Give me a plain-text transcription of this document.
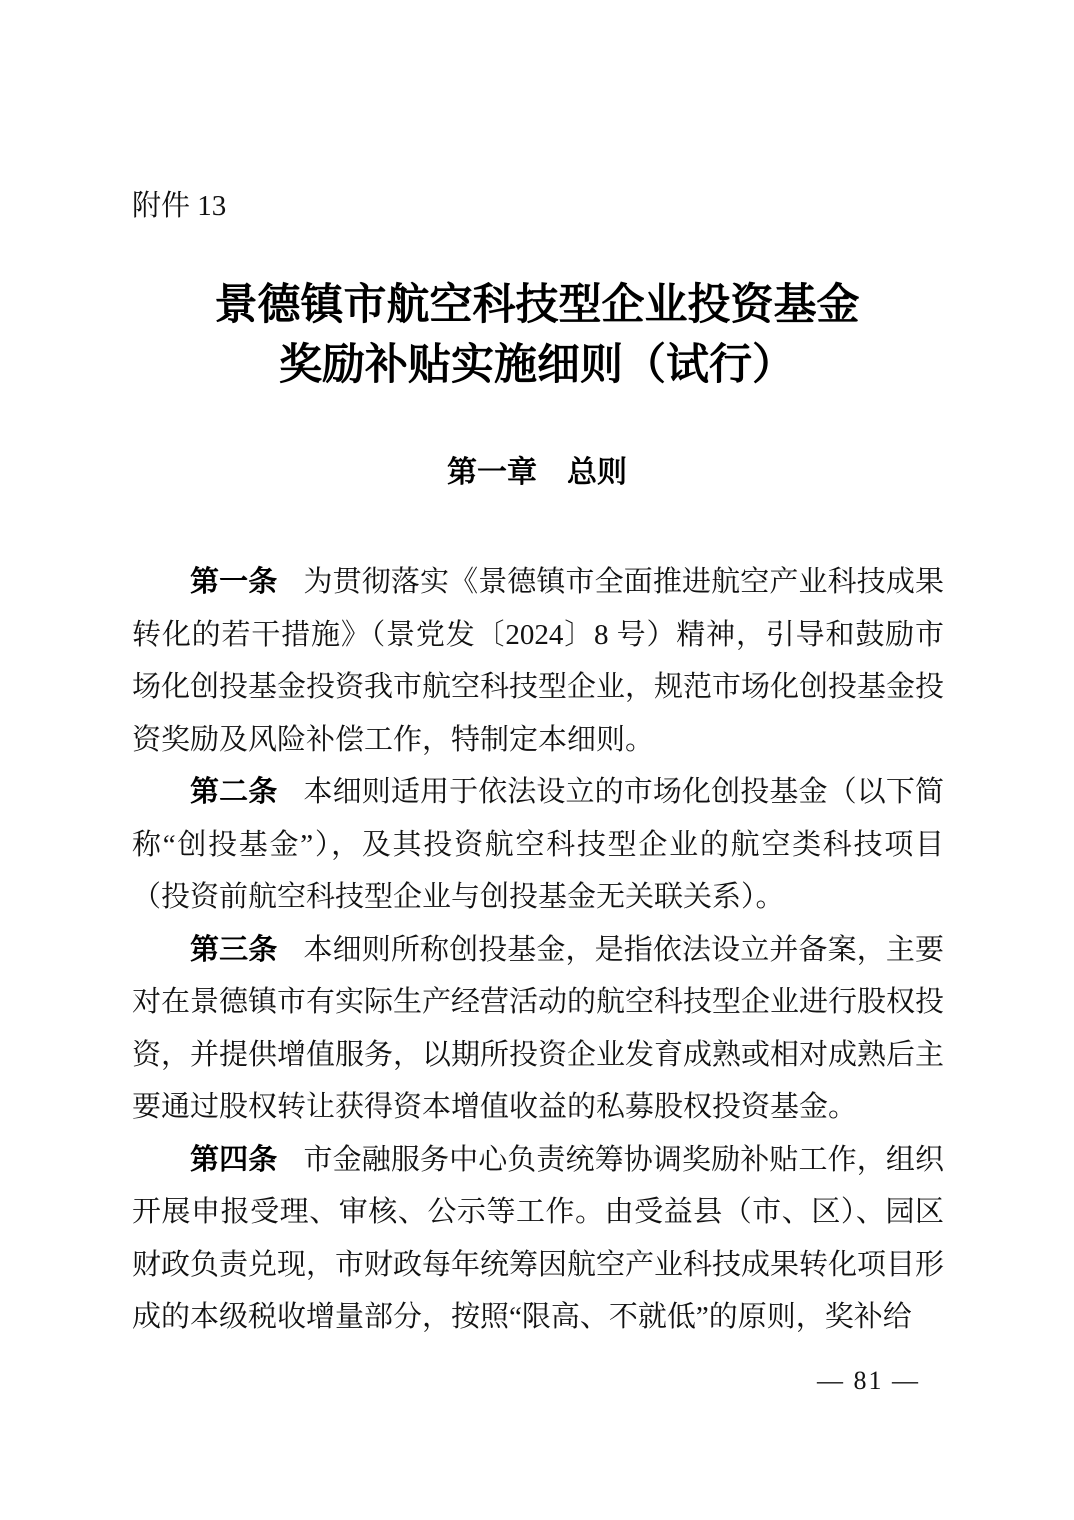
附件 13
景德镇市航空科技型企业投资基金
奖励补贴实施细则（试行）
第一章　总则

第一条 为贯彻落实《景德镇市全面推进航空产业科技成果转化的若干措施》（景党发〔2024〕8 号）精神，引导和鼓励市场化创投基金投资我市航空科技型企业，规范市场化创投基金投资奖励及风险补偿工作，特制定本细则。

第二条 本细则适用于依法设立的市场化创投基金（以下简称“创投基金”），及其投资航空科技型企业的航空类科技项目（投资前航空科技型企业与创投基金无关联关系）。

第三条 本细则所称创投基金，是指依法设立并备案，主要对在景德镇市有实际生产经营活动的航空科技型企业进行股权投资，并提供增值服务，以期所投资企业发育成熟或相对成熟后主要通过股权转让获得资本增值收益的私募股权投资基金。

第四条 市金融服务中心负责统筹协调奖励补贴工作，组织开展申报受理、审核、公示等工作。由受益县（市、区）、园区财政负责兑现，市财政每年统筹因航空产业科技成果转化项目形成的本级税收增量部分，按照“限高、不就低”的原则，奖补给

— 81 —
